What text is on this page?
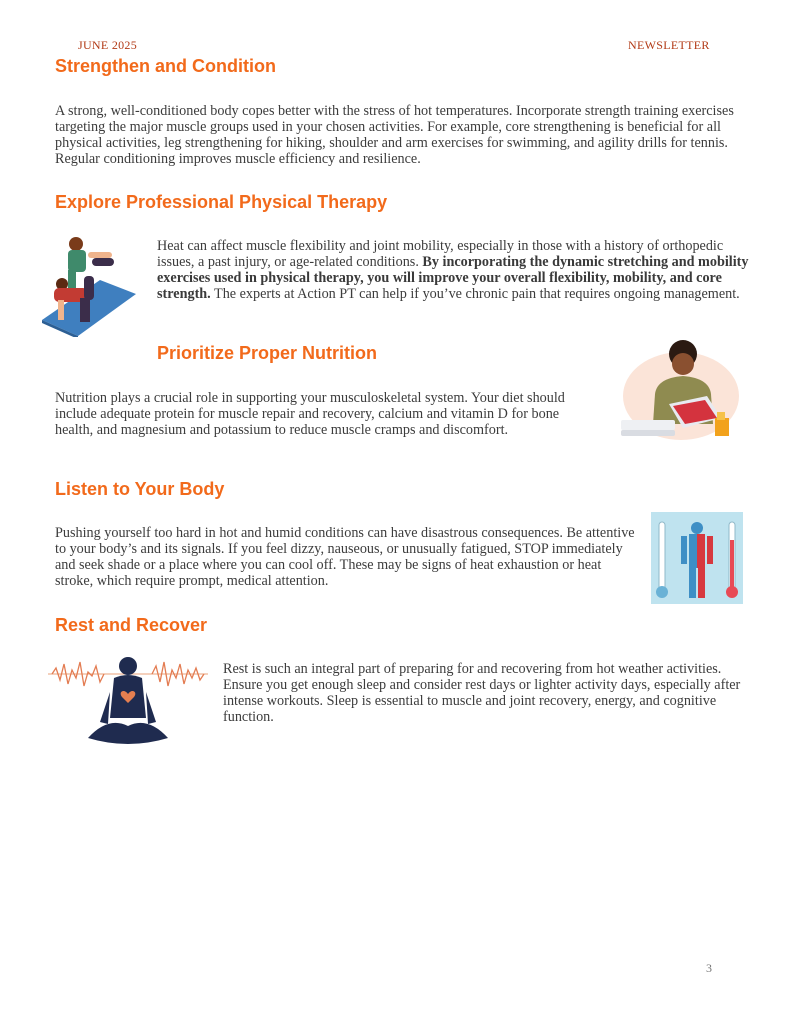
JUNE 2025	NEWSLETTER
Strengthen and Condition

A strong, well-conditioned body copes better with the stress of hot temperatures. Incorporate strength training exercises targeting the major muscle groups used in your chosen activities. For example, core strengthening is beneficial for all physical activities, leg strengthening for hiking, shoulder and arm exercises for swimming, and agility drills for tennis. Regular conditioning improves muscle efficiency and resilience.

Explore Professional Physical Therapy

Heat can affect muscle flexibility and joint mobility, especially in those with a history of orthopedic issues, a past injury, or age-related conditions. By incorporating the dynamic stretching and mobility exercises used in physical therapy, you will improve your overall flexibility, mobility, and core strength. The experts at Action PT can help if you’ve chronic pain that requires ongoing management.

Prioritize Proper Nutrition

Nutrition plays a crucial role in supporting your musculoskeletal system. Your diet should include adequate protein for muscle repair and recovery, calcium and vitamin D for bone health, and magnesium and potassium to reduce muscle cramps and discomfort.

Listen to Your Body

Pushing yourself too hard in hot and humid conditions can have disastrous consequences. Be attentive to your body’s and its signals. If you feel dizzy, nauseous, or unusually fatigued, STOP immediately and seek shade or a place where you can cool off. These may be signs of heat exhaustion or heat stroke, which require prompt, medical attention.

Rest and Recover

Rest is such an integral part of preparing for and recovering from hot weather activities. Ensure you get enough sleep and consider rest days or lighter activity days, especially after intense workouts. Sleep is essential to muscle and joint recovery, energy, and cognitive function.

3
